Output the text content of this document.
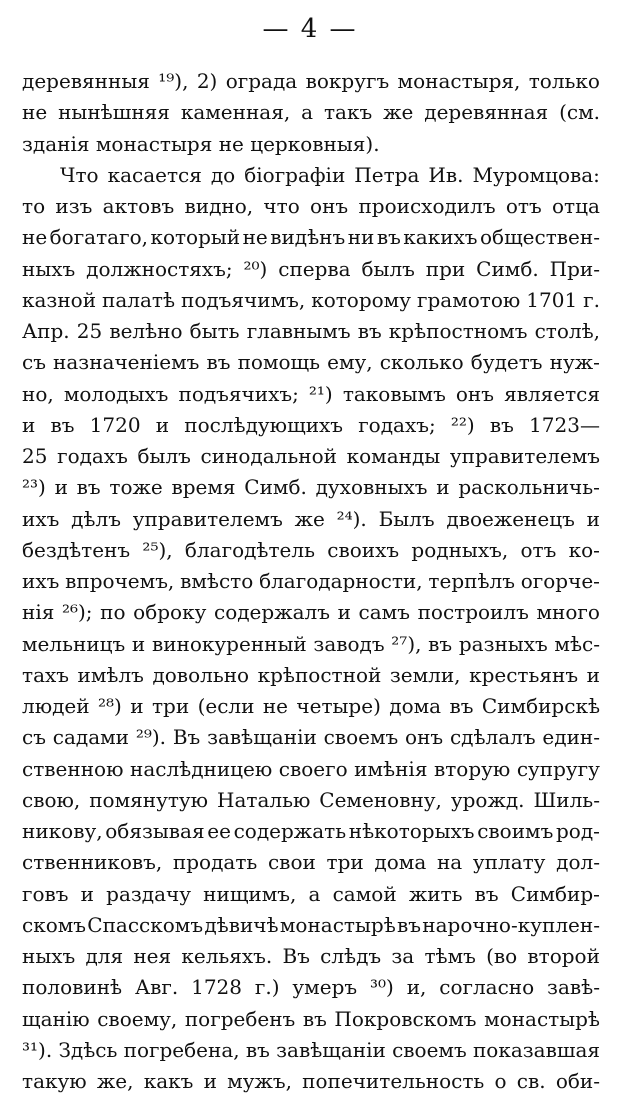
— 4 —
деревянныя ¹⁹), 2) ограда вокругъ монастыря, только
не нынѣшняя каменная, а такъ же деревянная (см.
зданія
монастыря
не
церковныя).
Что касается до біографіи Петра Ив. Муромцова:
то изъ актовъ видно, что онъ происходилъ отъ отца
не богатаго, который не видѣнъ ни въ какихъ обществен-
ныхъ должностяхъ; ²⁰) сперва былъ при Симб. При-
казной палатѣ подъячимъ, которому грамотою 1701 г.
Апр. 25 велѣно быть главнымъ въ крѣпостномъ столѣ,
съ назначеніемъ въ помощь ему, сколько будетъ нуж-
но, молодыхъ подъячихъ; ²¹) таковымъ онъ является
и въ 1720 и послѣдующихъ годахъ; ²²) въ 1723—
25 годахъ былъ синодальной команды управителемъ
²³) и въ тоже время Симб. духовныхъ и раскольничь-
ихъ дѣлъ управителемъ же ²⁴). Былъ двоеженецъ и
бездѣтенъ ²⁵), благодѣтель своихъ родныхъ, отъ ко-
ихъ впрочемъ, вмѣсто благодарности, терпѣлъ огорче-
нія ²⁶); по оброку содержалъ и самъ построилъ много
мельницъ и винокуренный заводъ ²⁷), въ разныхъ мѣс-
тахъ имѣлъ довольно крѣпостной земли, крестьянъ и
людей ²⁸) и три (если не четыре) дома въ Симбирскѣ
съ садами ²⁹). Въ завѣщаніи своемъ онъ сдѣлалъ един-
ственною наслѣдницею своего имѣнія вторую супругу
свою, помянутую Наталью Семеновну, урожд. Шиль-
никову, обязывая ее содержать нѣкоторыхъ своимъ род-
ственниковъ, продать свои три дома на уплату дол-
говъ и раздачу нищимъ, а самой жить въ Симбир-
скомъ Спасскомъ дѣвичѣ монастырѣ въ нарочно-куплен-
ныхъ для нея кельяхъ. Въ слѣдъ за тѣмъ (во второй
половинѣ Авг. 1728 г.) умеръ ³⁰) и, согласно завѣ-
щанію своему, погребенъ въ Покровскомъ монастырѣ
³¹). Здѣсь погребена, въ завѣщаніи своемъ показавшая
такую же, какъ и мужъ, попечительность о св. оби-
